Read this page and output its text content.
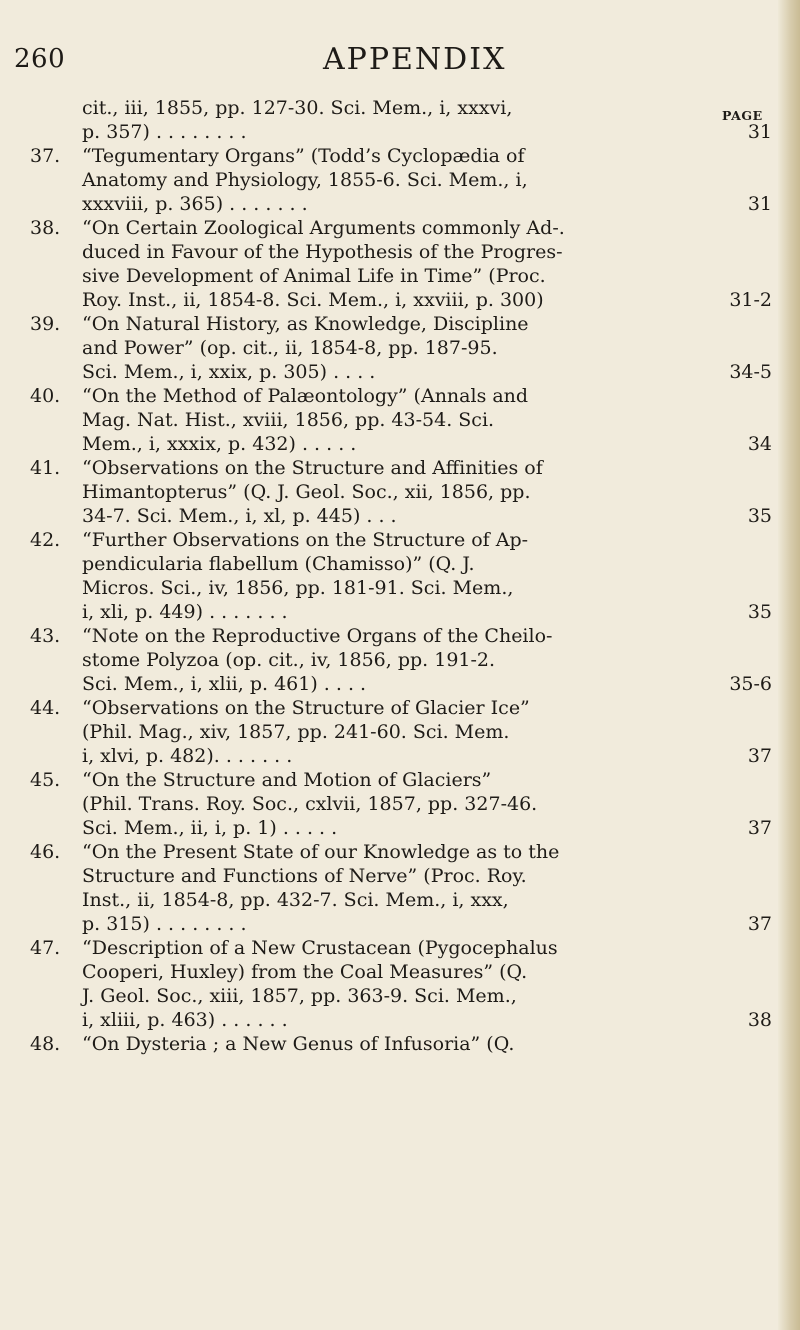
260	APPENDIX
PAGE
cit., iii, 1855, pp. 127-30. Sci. Mem., i, xxxvi,
p. 357) . . . . . . . .	31
37. “Tegumentary Organs” (Todd’s Cyclopædia of
Anatomy and Physiology, 1855-6. Sci. Mem., i,
xxxviii, p. 365) . . . . . . .	31
38. “On Certain Zoological Arguments commonly Ad-.
duced in Favour of the Hypothesis of the Progres-
sive Development of Animal Life in Time” (Proc.
Roy. Inst., ii, 1854-8. Sci. Mem., i, xxviii, p. 300)	31-2
39. “On Natural History, as Knowledge, Discipline
and Power” (op. cit., ii, 1854-8, pp. 187-95.
Sci. Mem., i, xxix, p. 305) . . . .	34-5
40. “On the Method of Palæontology” (Annals and
Mag. Nat. Hist., xviii, 1856, pp. 43-54. Sci.
Mem., i, xxxix, p. 432) . . . . .	34
41. “Observations on the Structure and Affinities of
Himantopterus” (Q. J. Geol. Soc., xii, 1856, pp.
34-7. Sci. Mem., i, xl, p. 445) . . .	35
42. “Further Observations on the Structure of Ap-
pendicularia flabellum (Chamisso)” (Q. J.
Micros. Sci., iv, 1856, pp. 181-91. Sci. Mem.,
i, xli, p. 449) . . . . . . .	35
43. “Note on the Reproductive Organs of the Cheilo-
stome Polyzoa (op. cit., iv, 1856, pp. 191-2.
Sci. Mem., i, xlii, p. 461) . . . .	35-6
44. “Observations on the Structure of Glacier Ice”
(Phil. Mag., xiv, 1857, pp. 241-60. Sci. Mem.
i, xlvi, p. 482). . . . . . .	37
45. “On the Structure and Motion of Glaciers”
(Phil. Trans. Roy. Soc., cxlvii, 1857, pp. 327-46.
Sci. Mem., ii, i, p. 1) . . . . .	37
46. “On the Present State of our Knowledge as to the
Structure and Functions of Nerve” (Proc. Roy.
Inst., ii, 1854-8, pp. 432-7. Sci. Mem., i, xxx,
p. 315) . . . . . . . .	37
47. “Description of a New Crustacean (Pygocephalus
Cooperi, Huxley) from the Coal Measures” (Q.
J. Geol. Soc., xiii, 1857, pp. 363-9. Sci. Mem.,
i, xliii, p. 463) . . . . . .	38
48. “On Dysteria ; a New Genus of Infusoria” (Q.
